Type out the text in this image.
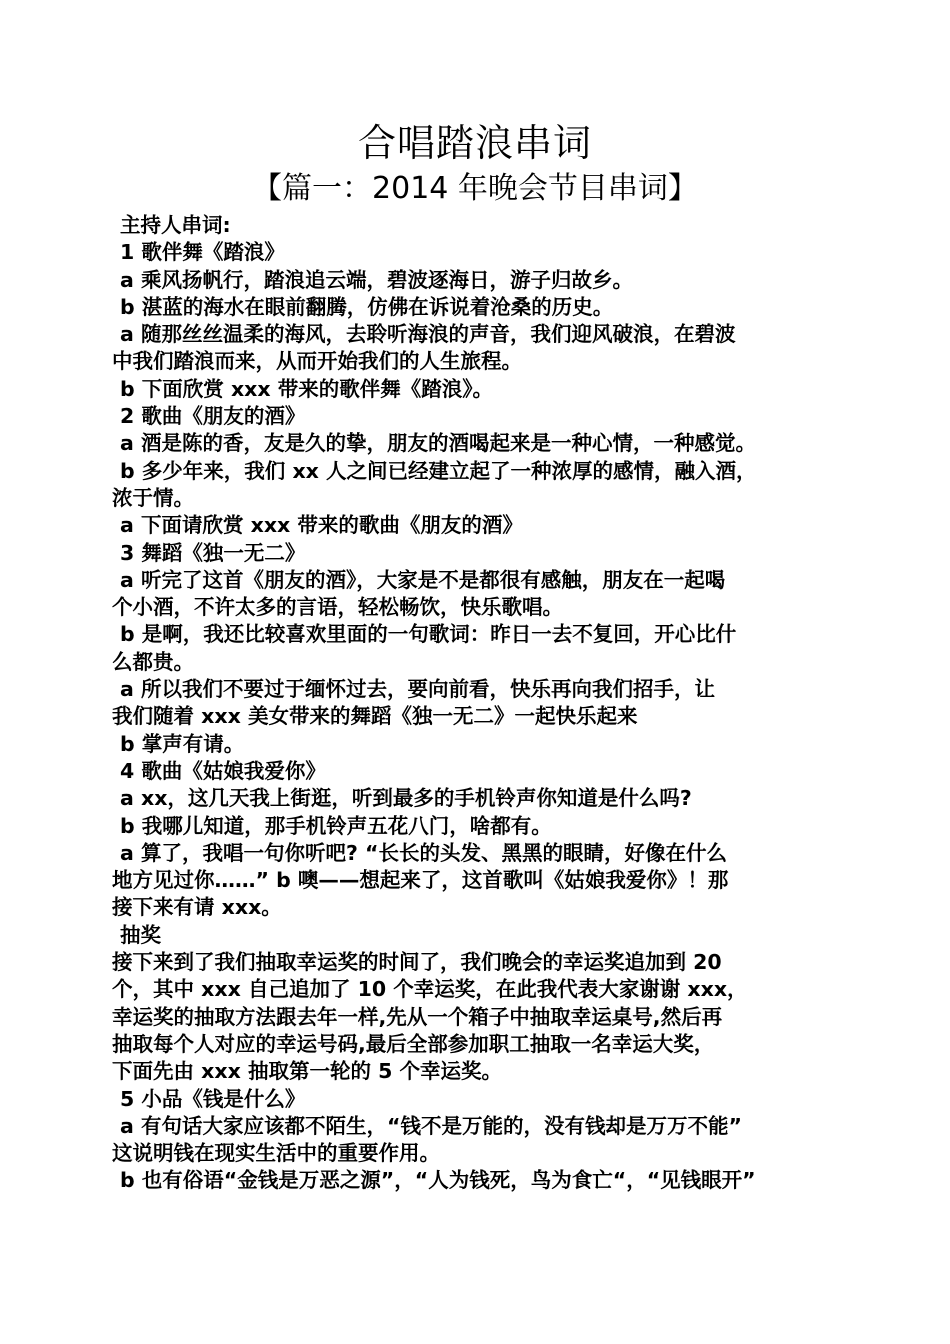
合唱踏浪串词
【篇一：2014 年晚会节目串词】
主持人串词:
1 歌伴舞《踏浪》
a 乘风扬帆行，踏浪追云端，碧波逐海日，游子归故乡。
b 湛蓝的海水在眼前翻腾，仿佛在诉说着沧桑的历史。
a 随那丝丝温柔的海风，去聆听海浪的声音，我们迎风破浪，在碧波
中我们踏浪而来，从而开始我们的人生旅程。
b 下面欣赏 xxx 带来的歌伴舞《踏浪》。
2 歌曲《朋友的酒》
a 酒是陈的香，友是久的挚，朋友的酒喝起来是一种心情，一种感觉。
b 多少年来，我们 xx 人之间已经建立起了一种浓厚的感情，融入酒，
浓于情。
a 下面请欣赏 xxx 带来的歌曲《朋友的酒》
3 舞蹈《独一无二》
a 听完了这首《朋友的酒》，大家是不是都很有感触，朋友在一起喝
个小酒，不许太多的言语，轻松畅饮，快乐歌唱。
b 是啊，我还比较喜欢里面的一句歌词：昨日一去不复回，开心比什
么都贵。
a 所以我们不要过于缅怀过去，要向前看，快乐再向我们招手，让
我们随着 xxx 美女带来的舞蹈《独一无二》一起快乐起来
b 掌声有请。
4 歌曲《姑娘我爱你》
a xx，这几天我上街逛，听到最多的手机铃声你知道是什么吗?
b 我哪儿知道，那手机铃声五花八门，啥都有。
a 算了，我唱一句你听吧? “长长的头发、黑黑的眼睛，好像在什么
地方见过你……” b 噢——想起来了，这首歌叫《姑娘我爱你》！那
接下来有请 xxx。
抽奖
接下来到了我们抽取幸运奖的时间了，我们晚会的幸运奖追加到 20
个，其中 xxx 自己追加了 10 个幸运奖，在此我代表大家谢谢 xxx，
幸运奖的抽取方法跟去年一样,先从一个箱子中抽取幸运桌号,然后再
抽取每个人对应的幸运号码,最后全部参加职工抽取一名幸运大奖，
下面先由 xxx 抽取第一轮的 5 个幸运奖。
5 小品《钱是什么》
a 有句话大家应该都不陌生，“钱不是万能的，没有钱却是万万不能”
这说明钱在现实生活中的重要作用。
b 也有俗语“金钱是万恶之源”，“人为钱死，鸟为食亡“，“见钱眼开”
